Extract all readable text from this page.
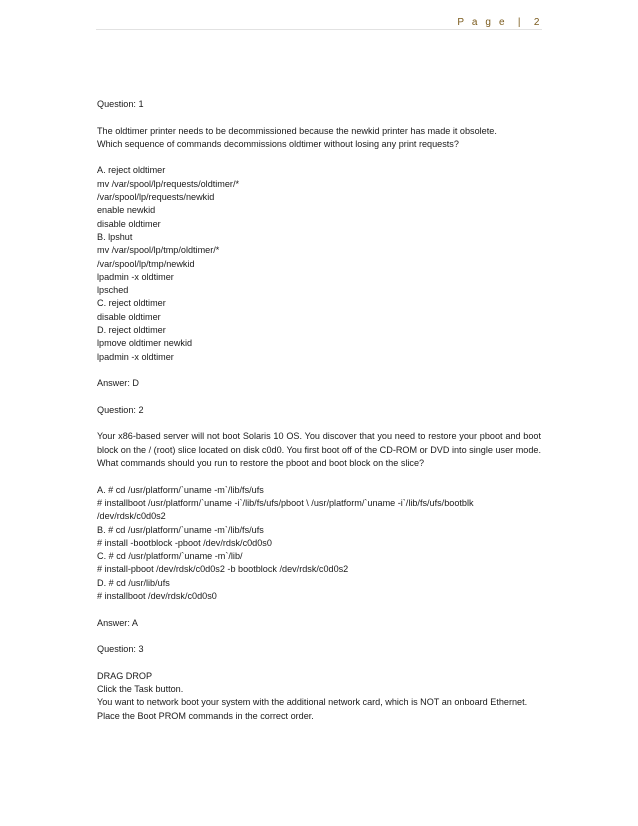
P a g e  |  2
Question: 1
The oldtimer printer needs to be decommissioned because the newkid printer has made it obsolete.
Which sequence of commands decommissions oldtimer without losing any print requests?
A. reject oldtimer
mv /var/spool/lp/requests/oldtimer/*
/var/spool/lp/requests/newkid
enable newkid
disable oldtimer
B. lpshut
mv /var/spool/lp/tmp/oldtimer/*
/var/spool/lp/tmp/newkid
lpadmin -x oldtimer
lpsched
C. reject oldtimer
disable oldtimer
D. reject oldtimer
lpmove oldtimer newkid
lpadmin -x oldtimer
Answer: D
Question: 2
Your x86-based server will not boot Solaris 10 OS. You discover that you need to restore your pboot and boot block on the / (root) slice located on disk c0d0. You first boot off of the CD-ROM or DVD into single user mode. What commands should you run to restore the pboot and boot block on the slice?
A. # cd /usr/platform/`uname -m`/lib/fs/ufs
# installboot /usr/platform/`uname -i`/lib/fs/ufs/pboot \ /usr/platform/`uname -i`/lib/fs/ufs/bootblk
/dev/rdsk/c0d0s2
B. # cd /usr/platform/`uname -m`/lib/fs/ufs
# install -bootblock -pboot /dev/rdsk/c0d0s0
C. # cd /usr/platform/`uname -m`/lib/
# install-pboot /dev/rdsk/c0d0s2 -b bootblock /dev/rdsk/c0d0s2
D. # cd /usr/lib/ufs
# installboot /dev/rdsk/c0d0s0
Answer: A
Question: 3
DRAG DROP
Click the Task button.
You want to network boot your system with the additional network card, which is NOT an onboard Ethernet.
Place the Boot PROM commands in the correct order.
